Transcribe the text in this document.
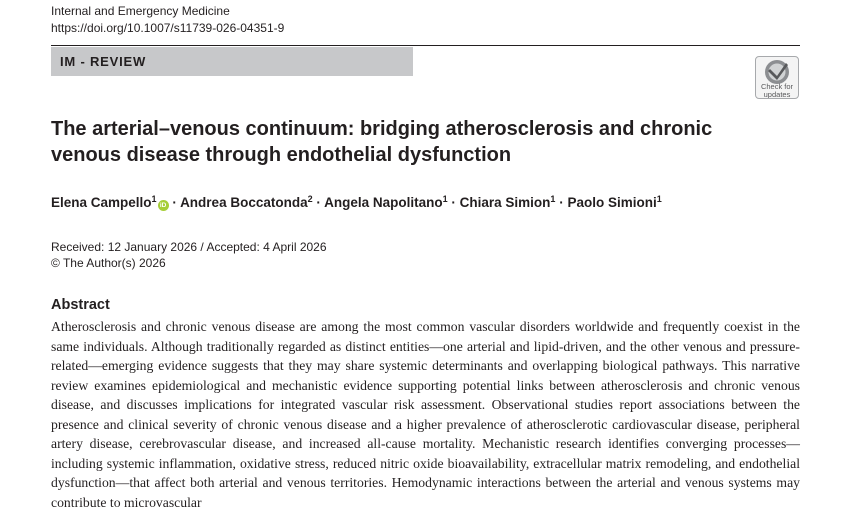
Internal and Emergency Medicine
https://doi.org/10.1007/s11739-026-04351-9
IM - REVIEW
Check for
updates
The arterial–venous continuum: bridging atherosclerosis and chronic venous disease through endothelial dysfunction
Elena Campello$^1$iD · Andrea Boccatonda$^2$ · Angela Napolitano$^1$ · Chiara Simion$^1$ · Paolo Simioni$^1$
Received: 12 January 2026 / Accepted: 4 April 2026
© The Author(s) 2026
Abstract

Atherosclerosis and chronic venous disease are among the most common vascular disorders worldwide and frequently coexist in the same individuals. Although traditionally regarded as distinct entities—one arterial and lipid-driven, and the other venous and pressure-related—emerging evidence suggests that they may share systemic determinants and overlapping biological pathways. This narrative review examines epidemiological and mechanistic evidence supporting potential links between atherosclerosis and chronic venous disease, and discusses implications for integrated vascular risk assessment. Observational studies report associations between the presence and clinical severity of chronic venous disease and a higher prevalence of atherosclerotic cardiovascular disease, peripheral artery disease, cerebrovascular disease, and increased all-cause mortality. Mechanistic research identifies converging processes—including systemic inflammation, oxidative stress, reduced nitric oxide bioavailability, extracellular matrix remodeling, and endothelial dysfunction—that affect both arterial and venous territories. Hemodynamic interactions between the arterial and venous systems may contribute to microvascular
